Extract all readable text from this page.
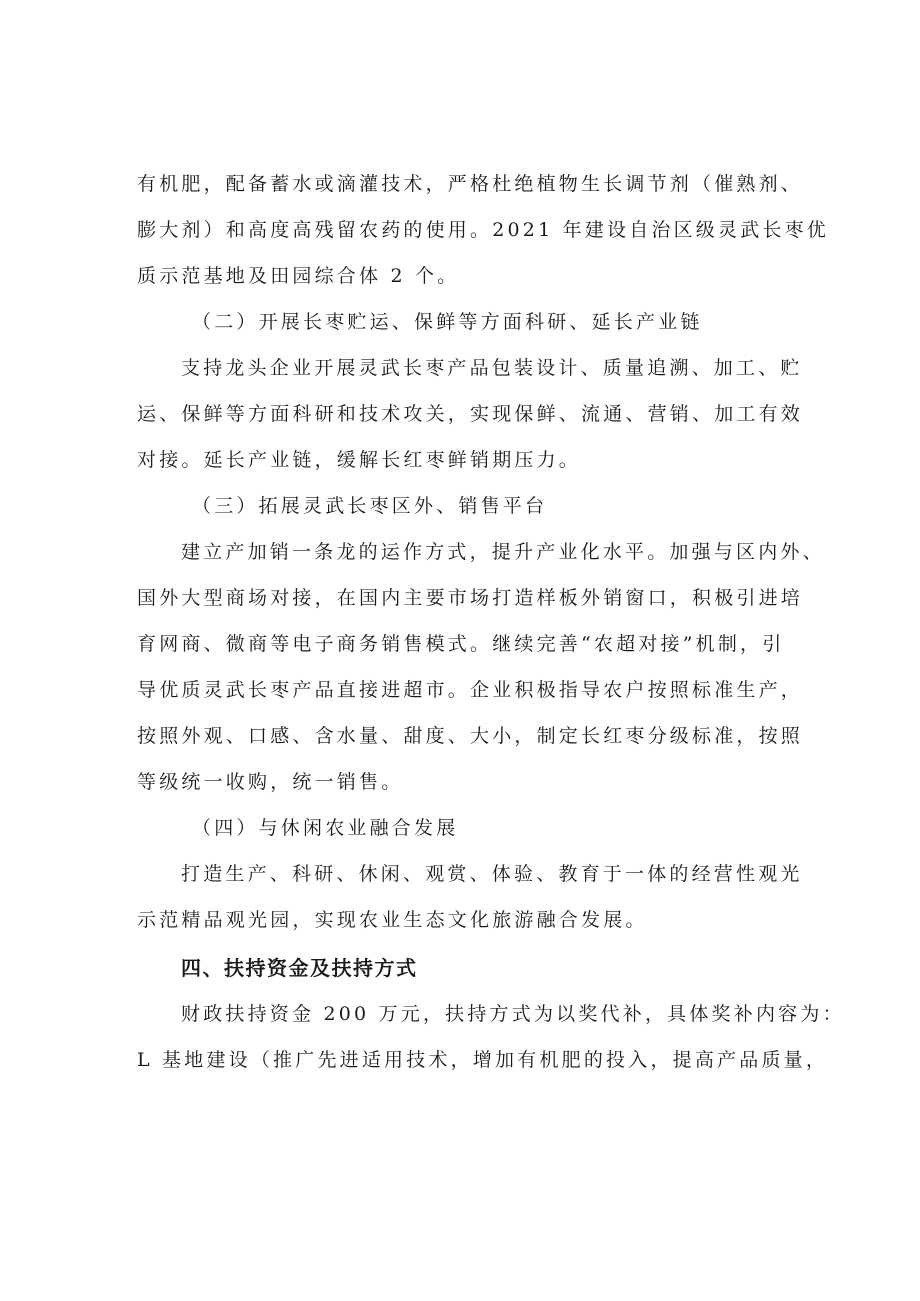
有机肥，配备蓄水或滴灌技术，严格杜绝植物生长调节剂（催熟剂、
膨大剂）和高度高残留农药的使用。2021 年建设自治区级灵武长枣优
质示范基地及田园综合体 2 个。
（二）开展长枣贮运、保鲜等方面科研、延长产业链
支持龙头企业开展灵武长枣产品包装设计、质量追溯、加工、贮
运、保鲜等方面科研和技术攻关，实现保鲜、流通、营销、加工有效
对接。延长产业链，缓解长红枣鲜销期压力。
（三）拓展灵武长枣区外、销售平台
建立产加销一条龙的运作方式，提升产业化水平。加强与区内外、
国外大型商场对接，在国内主要市场打造样板外销窗口，积极引进培
育网商、微商等电子商务销售模式。继续完善“农超对接”机制，引
导优质灵武长枣产品直接进超市。企业积极指导农户按照标准生产，
按照外观、口感、含水量、甜度、大小，制定长红枣分级标准，按照
等级统一收购，统一销售。
（四）与休闲农业融合发展
打造生产、科研、休闲、观赏、体验、教育于一体的经营性观光
示范精品观光园，实现农业生态文化旅游融合发展。
四、扶持资金及扶持方式
财政扶持资金 200 万元，扶持方式为以奖代补，具体奖补内容为：
L 基地建设（推广先进适用技术，增加有机肥的投入，提高产品质量，
